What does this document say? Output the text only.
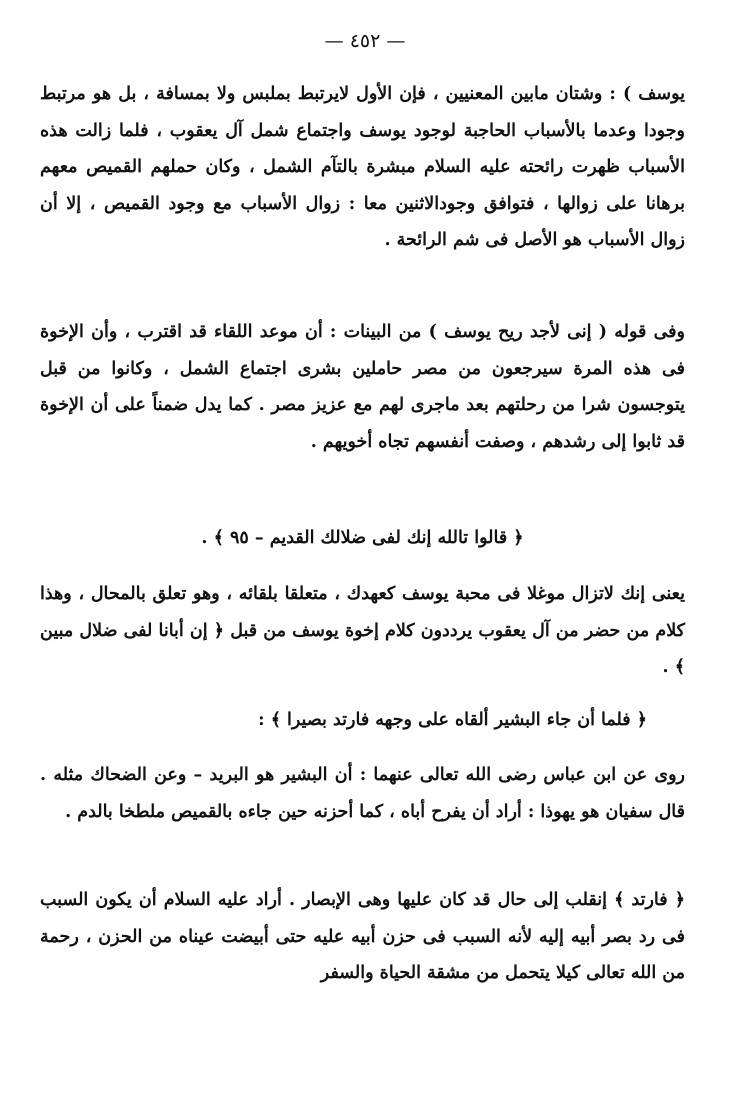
— ٤٥٢ —

يوسف ) : وشتان مابين المعنيين ، فإن الأول لايرتبط بملبس ولا بمسافة ، بل هو مرتبط وجودا وعدما بالأسباب الحاجبة لوجود يوسف واجتماع شمل آل يعقوب ، فلما زالت هذه الأسباب ظهرت رائحته عليه السلام مبشرة بالتآم الشمل ، وكان حملهم القميص معهم برهانا على زوالها ، فتوافق وجودالاثنين معا : زوال الأسباب مع وجود القميص ، إلا أن زوال الأسباب هو الأصل فى شم الرائحة .

وفى قوله ( إنى لأجد ريح يوسف ) من البينات : أن موعد اللقاء قد اقترب ، وأن الإخوة فى هذه المرة سيرجعون من مصر حاملين بشرى اجتماع الشمل ، وكانوا من قبل يتوجسون شرا من رحلتهم بعد ماجرى لهم مع عزيز مصر . كما يدل ضمناً على أن الإخوة قد ثابوا إلى رشدهم ، وصفت أنفسهم تجاه أخويهم .

﴿ قالوا تالله إنك لفى ضلالك القديم – ٩٥ ﴾ .

يعنى إنك لاتزال موغلا فى محبة يوسف كعهدك ، متعلقا بلقائه ، وهو تعلق بالمحال ، وهذا كلام من حضر من آل يعقوب يرددون كلام إخوة يوسف من قبل ﴿ إن أبانا لفى ضلال مبين ﴾ .

﴿ فلما أن جاء البشير ألقاه على وجهه فارتد بصيرا ﴾ :

روى عن ابن عباس رضى الله تعالى عنهما : أن البشير هو البريد – وعن الضحاك مثله . قال سفيان هو يهوذا : أراد أن يفرح أباه ، كما أحزنه حين جاءه بالقميص ملطخا بالدم .

﴿ فارتد ﴾ إنقلب إلى حال قد كان عليها وهى الإبصار . أراد عليه السلام أن يكون السبب فى رد بصر أبيه إليه لأنه السبب فى حزن أبيه عليه حتى أبيضت عيناه من الحزن ، رحمة من الله تعالى كيلا يتحمل من مشقة الحياة والسفر
